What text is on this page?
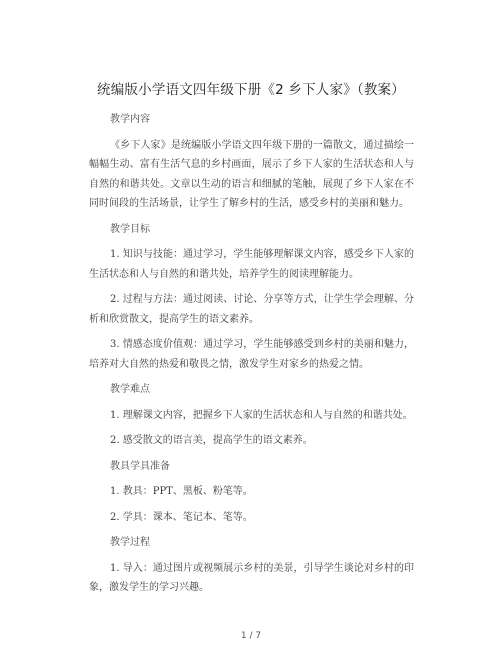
统编版小学语文四年级下册《2 乡下人家》（教案）
教学内容
《乡下人家》是统编版小学语文四年级下册的一篇散文，通过描绘一幅幅生动、富有生活气息的乡村画面，展示了乡下人家的生活状态和人与自然的和谐共处。文章以生动的语言和细腻的笔触，展现了乡下人家在不同时间段的生活场景，让学生了解乡村的生活，感受乡村的美丽和魅力。
教学目标
1. 知识与技能：通过学习，学生能够理解课文内容，感受乡下人家的生活状态和人与自然的和谐共处，培养学生的阅读理解能力。
2. 过程与方法：通过阅读、讨论、分享等方式，让学生学会理解、分析和欣赏散文，提高学生的语文素养。
3. 情感态度价值观：通过学习，学生能够感受到乡村的美丽和魅力，培养对大自然的热爱和敬畏之情，激发学生对家乡的热爱之情。
教学难点
1. 理解课文内容，把握乡下人家的生活状态和人与自然的和谐共处。
2. 感受散文的语言美，提高学生的语文素养。
教具学具准备
1. 教具：PPT、黑板、粉笔等。
2. 学具：课本、笔记本、笔等。
教学过程
1. 导入：通过图片或视频展示乡村的美景，引导学生谈论对乡村的印象，激发学生的学习兴趣。
1 / 7
